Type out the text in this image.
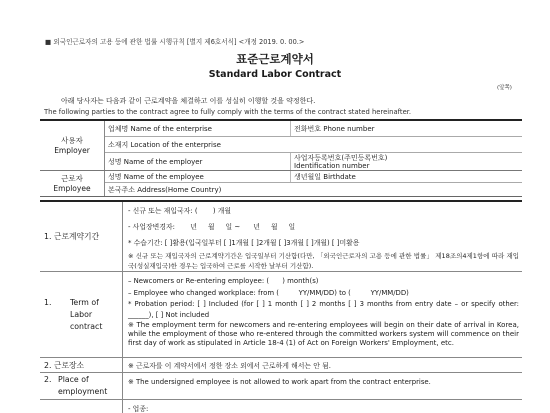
■ 외국인근로자의 고용 등에 관한 법률 시행규칙 [별지 제6호서식] <개정 2019. 0. 00.>
표준근로계약서
Standard Labor Contract
(앞쪽)
아래 당사자는 다음과 같이 근로계약을 체결하고 이를 성실히 이행할 것을 약정한다.
The following parties to the contract agree to fully comply with the terms of the contract stated hereinafter.
사용자
Employer
업체명 Name of the enterprise	전화번호 Phone number
소재지 Location of the enterprise
성명 Name of the employer	사업자등록번호(주민등록번호)
Identification number
근로자
Employee
성명 Name of the employee	생년월일 Birthdate
본국주소 Address(Home Country)
1. 근로계약기간
- 신규 또는 재입국자: (       ) 개월
- 사업장변경자:       년     월     일 ~      년     월     일
* 수습기간: [ ]활용(입국일부터 [ ]1개월 [ ]2개월 [ ]3개월 [ ]개월) [ ]미활용
※ 신규 또는 재입국자의 근로계약기간은 입국일부터 기산함(다만, 「외국인근로자의 고용 등에 관한 법률」 제18조의4제1항에 따라 재입국(성실재입국)한 경우는 입국하여 근로를 시작한 날부터 기산함).
1.	Term of Labor contract
– Newcomers or Re-entering employee: (      ) month(s)
– Employee who changed workplace: from (         YY/MM/DD) to (         YY/MM/DD)
* Probation period: [ ] Included (for [ ] 1 month [ ] 2 months [ ] 3 months from entry date – or specify other: ______), [ ] Not included
※ The employment term for newcomers and re-entering employees will begin on their date of arrival in Korea, while the employment of those who re-entered through the committed workers system will commence on their first day of work as stipulated in Article 18-4 (1) of Act on Foreign Workers' Employment, etc.
2. 근로장소	※ 근로자를 이 계약서에서 정한 장소 외에서 근로하게 해서는 안 됨.
2. Place of employment
※ The undersigned employee is not allowed to work apart from the contract enterprise.
- 업종:
